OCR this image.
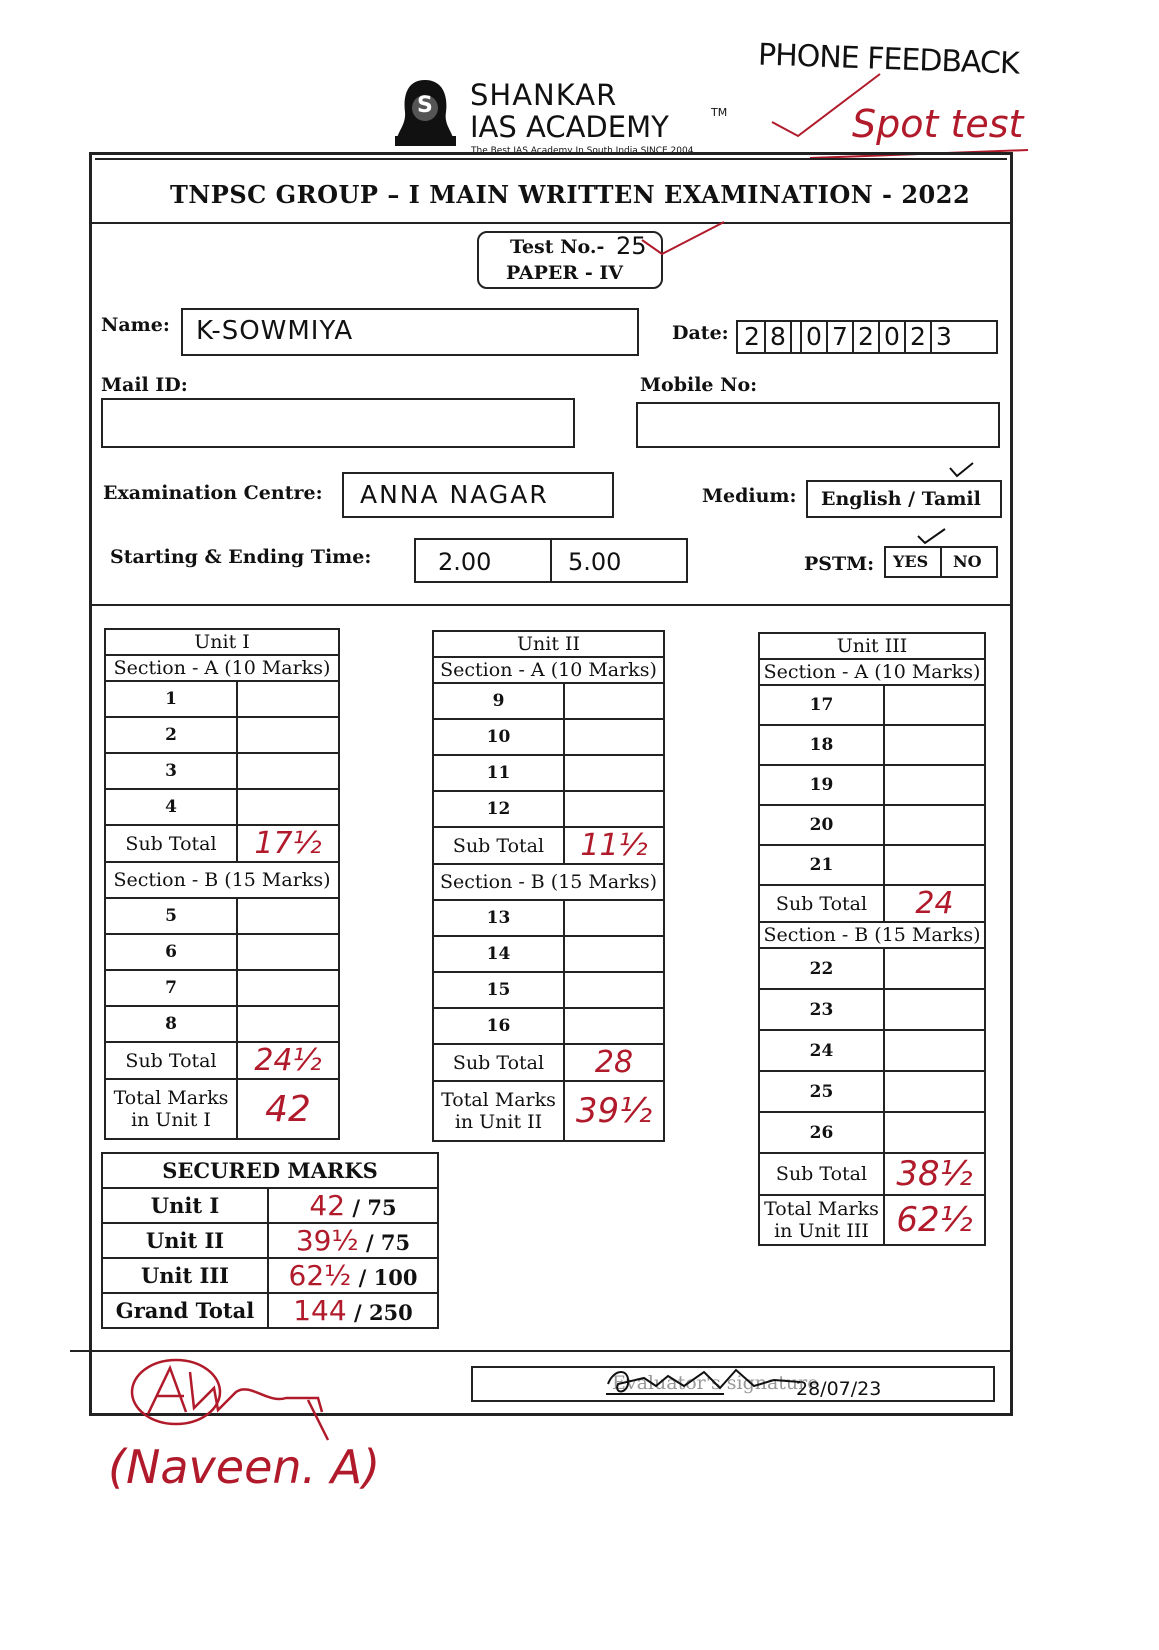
S SHANKAR
IAS ACADEMY	TM
The Best IAS Academy In South India SINCE 2004
PHONE FEEDBACK
Spot test
TNPSC GROUP – I MAIN WRITTEN EXAMINATION - 2022
Test No.- 25
PAPER - IV
Name: K-SOWMIYA	Date: 2 8 0 7 2 0 2 3
Mail ID:	Mobile No:
Examination Centre: ANNA NAGAR	Medium: English / Tamil
Starting & Ending Time:	2.00	5.00	PSTM: YES NO
Unit I	
Section - A (10 Marks)	
1	
2	
3	
4	
Sub Total	17½
Section - B (15 Marks)	
5	
6	
7	
8	
Sub Total	24½
Total Marks
in Unit I	42
Unit II	
Section - A (10 Marks)	
9	
10	
11	
12	
Sub Total	11½
Section - B (15 Marks)	
13	
14	
15	
16	
Sub Total	28
Total Marks
in Unit II	39½
Unit III	
Section - A (10 Marks)	
17	
18	
19	
20	
21	
Sub Total	24
Section - B (15 Marks)	
22	
23	
24	
25	
26	
Sub Total	38½
Total Marks
in Unit III	62½
SECURED MARKS	
Unit I	42 / 75
Unit II	39½ / 75
Unit III	62½ / 100
Grand Total	144 / 250
Evaluator's signature
28/07/23
(Naveen. A)
